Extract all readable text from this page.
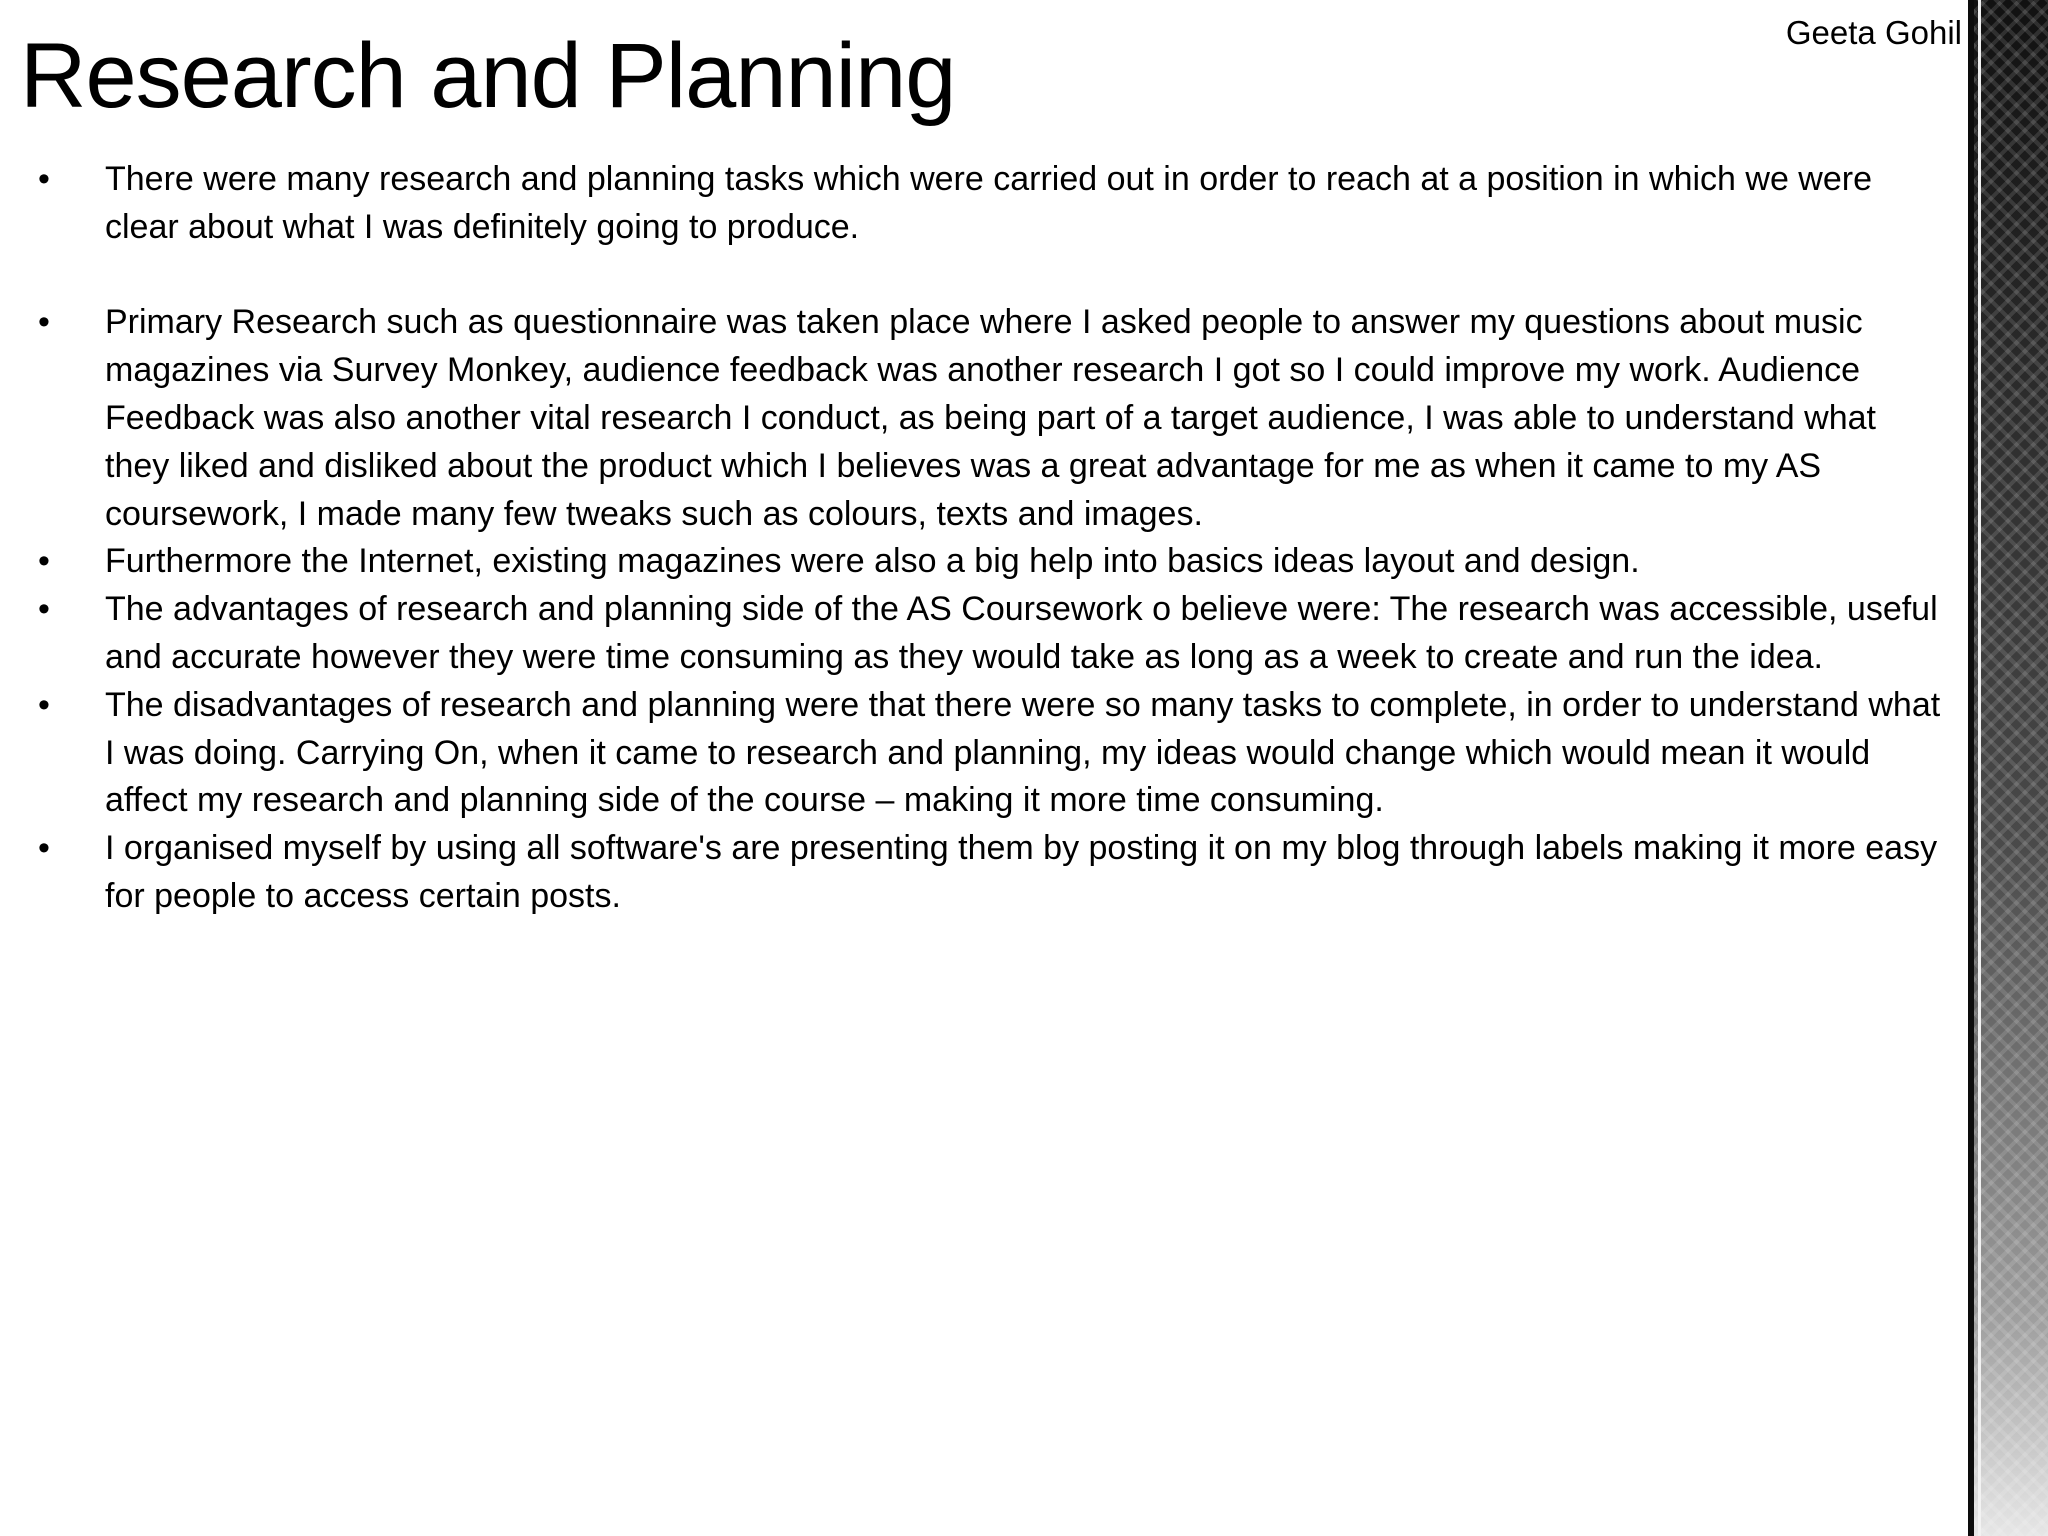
Research and Planning	Geeta Gohil
• There were many research and planning tasks which were carried out in order to reach at a position in which we were clear about what I was definitely going to produce.
• Primary Research such as questionnaire was taken place where I asked people to answer my questions about music magazines via Survey Monkey, audience feedback was another research I got so I could improve my work. Audience Feedback was also another vital research I conduct, as being part of a target audience, I was able to understand what they liked and disliked about the product which I believes was a great advantage for me as when it came to my AS coursework, I made many few tweaks such as colours, texts and images.
• Furthermore the Internet, existing magazines were also a big help into basics ideas layout and design.
• The advantages of research and planning side of the AS Coursework o believe were: The research was accessible, useful and accurate however they were time consuming as they would take as long as a week to create and run the idea.
• The disadvantages of research and planning were that there were so many tasks to complete, in order to understand what I was doing. Carrying On, when it came to research and planning, my ideas would change which would mean it would affect my research and planning side of the course – making it more time consuming.
• I organised myself by using all software's are presenting them by posting it on my blog through labels making it more easy for people to access certain posts.
